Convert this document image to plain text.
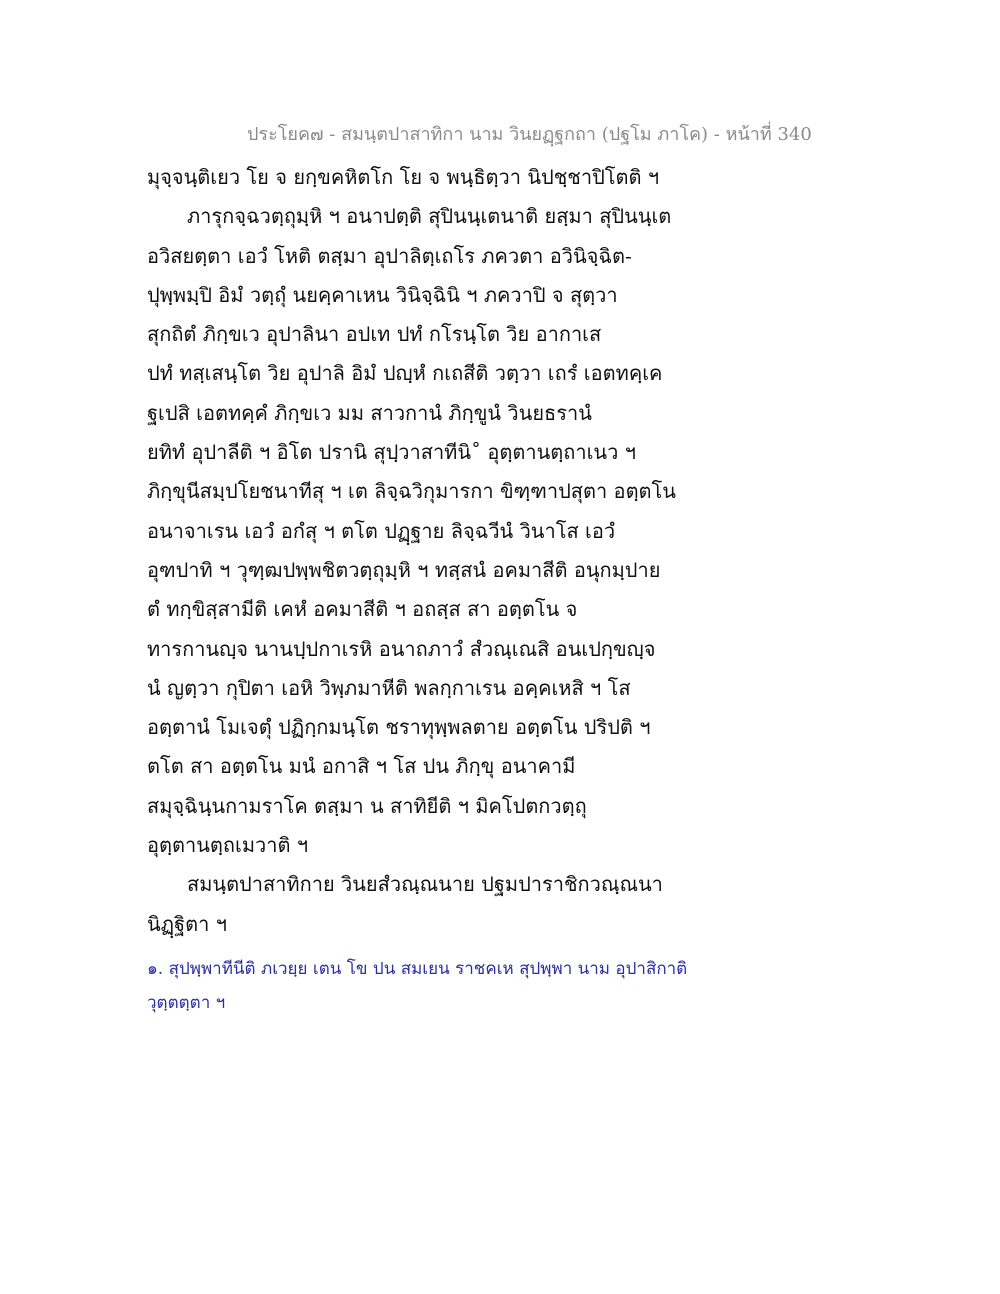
ประโยค๗ - สมนฺตปาสาทิกา นาม วินยฏฺฐกถา (ปฐโม ภาโค) - หน้าที่ 340
มุจฺจนฺติเยว โย จ ยกฺขคหิตโก โย จ พนฺธิตฺวา นิปชฺชาปิโตติ ฯ
ภารุกจฺฉวตฺถุมฺหิ ฯ อนาปตฺติ สุปินนฺเตนาติ ยสฺมา สุปินนฺเต
อวิสยตฺตา เอวํ โหติ ตสฺมา อุปาลิตฺเถโร ภควตา อวินิจฺฉิต-
ปุพฺพมฺปิ อิมํ วตฺถุํ นยคฺคาเหน วินิจฺฉินิ ฯ ภควาปิ จ สุตฺวา
สุกถิตํ ภิกฺขเว อุปาลินา อปเท ปทํ กโรนฺโต วิย อากาเส
ปทํ ทสฺเสนฺโต วิย อุปาลิ อิมํ ปญฺหํ กเถสีติ วตฺวา เถรํ เอตทคฺเค
ฐเปสิ เอตทคฺคํ ภิกฺขเว มม สาวกานํ ภิกฺขูนํ วินยธรานํ
ยทิทํ อุปาลีติ ฯ อิโต ปรานิ สุปฺวาสาทีนิ˚ อุตฺตานตฺถาเนว ฯ
ภิกฺขุนีสมฺปโยชนาทีสุ ฯ เต ลิจฺฉวิกุมารกา ขิฑฺฑาปสุตา อตฺตโน
อนาจาเรน เอวํ อกํสุ ฯ ตโต ปฏฺฐาย ลิจฺฉวีนํ วินาโส เอวํ
อุฑปาทิ ฯ วุฑฺฒปพฺพชิตวตฺถุมฺหิ ฯ ทสฺสนํ อคมาสีติ อนุกมฺปาย
ตํ ทกฺขิสฺสามีติ เคหํ อคมาสีติ ฯ อถสฺส สา อตฺตโน จ
ทารกานญฺจ นานปฺปกาเรหิ อนาถภาวํ สํวณฺเณสิ อนเปกฺขญฺจ
นํ ญตฺวา กุปิตา เอหิ วิพฺภมาหีติ พลกฺกาเรน อคฺคเหสิ ฯ โส
อตฺตานํ โมเจตุํ ปฏิกฺกมนฺโต ชราทุพฺพลตาย อตฺตโน ปริปติ ฯ
ตโต สา อตฺตโน มนํ อกาสิ ฯ โส ปน ภิกฺขุ อนาคามี
สมุจฺฉินฺนกามราโค ตสฺมา น สาทิยีติ ฯ มิคโปตกวตฺถุ
อุตฺตานตฺถเมวาติ ฯ
สมนฺตปาสาทิกาย วินยสํวณฺณนาย ปฐมปาราชิกวณฺณนา
นิฏฺฐิตา ฯ
๑. สุปพฺพาทีนีติ ภเวยฺย เตน โข ปน สมเยน ราชคเห สุปพฺพา นาม อุปาสิกาติ
วุตฺตตฺตา ฯ
